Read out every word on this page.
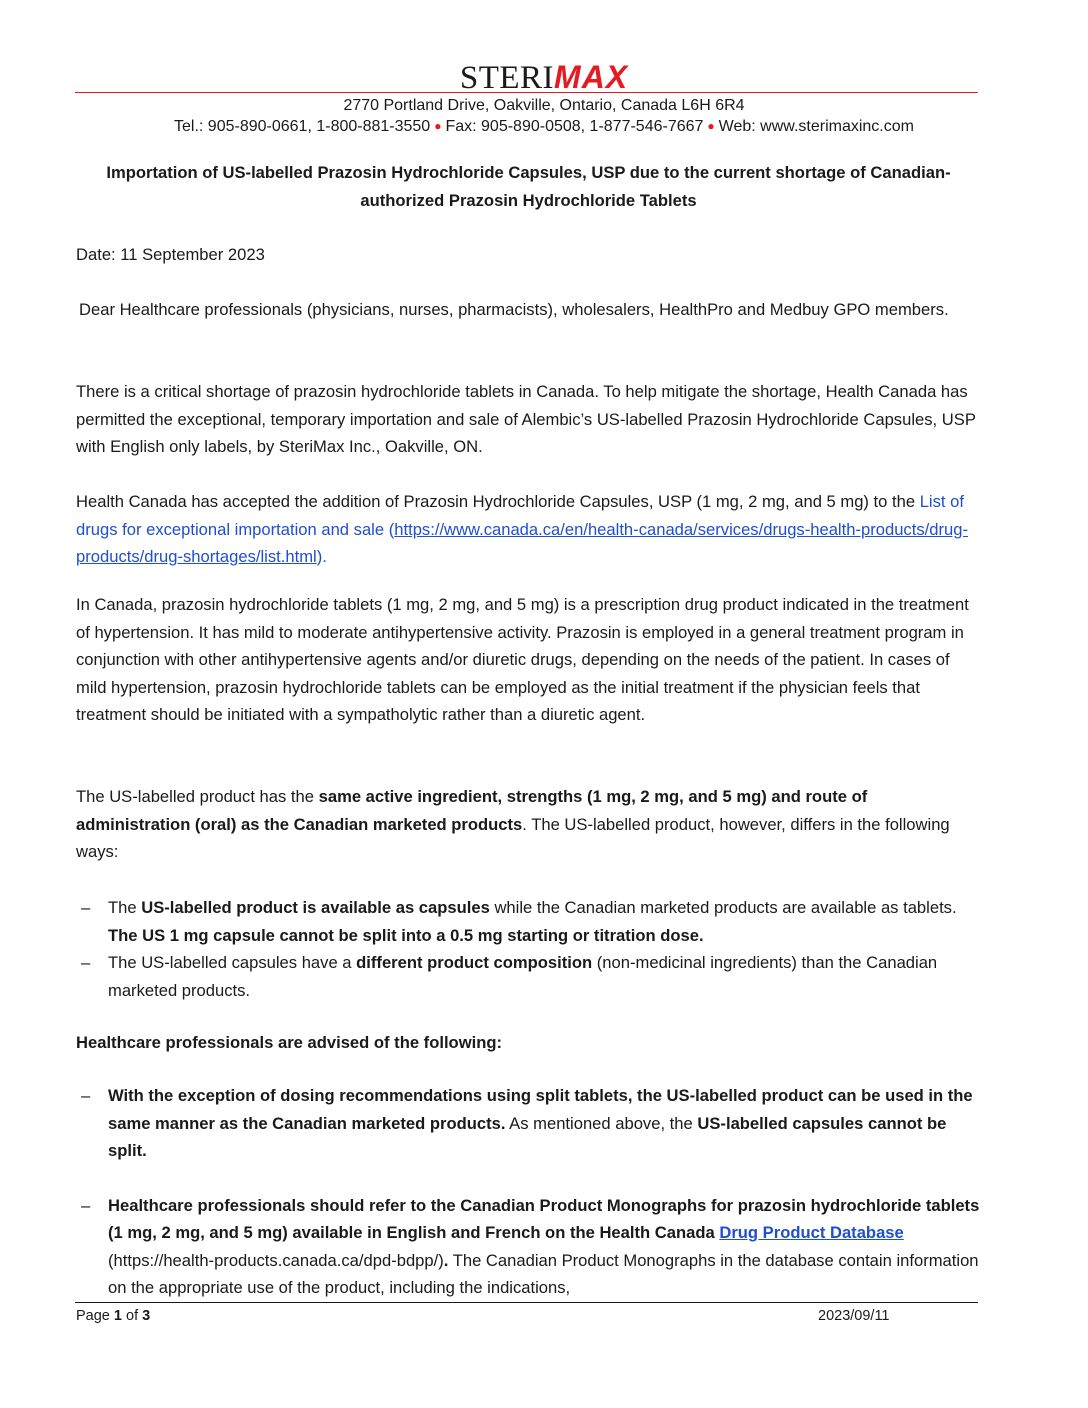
STERIMAX
2770 Portland Drive, Oakville, Ontario, Canada L6H 6R4
Tel.: 905-890-0661, 1-800-881-3550 ● Fax: 905-890-0508, 1-877-546-7667 ● Web: www.sterimaxinc.com
Importation of US-labelled Prazosin Hydrochloride Capsules, USP due to the current shortage of Canadian-authorized Prazosin Hydrochloride Tablets
Date: 11 September 2023
Dear Healthcare professionals (physicians, nurses, pharmacists), wholesalers, HealthPro and Medbuy GPO members.
There is a critical shortage of prazosin hydrochloride tablets in Canada. To help mitigate the shortage, Health Canada has permitted the exceptional, temporary importation and sale of Alembic’s US-labelled Prazosin Hydrochloride Capsules, USP with English only labels, by SteriMax Inc., Oakville, ON.
Health Canada has accepted the addition of Prazosin Hydrochloride Capsules, USP (1 mg, 2 mg, and 5 mg) to the List of drugs for exceptional importation and sale (https://www.canada.ca/en/health-canada/services/drugs-health-products/drug-products/drug-shortages/list.html).
In Canada, prazosin hydrochloride tablets (1 mg, 2 mg, and 5 mg) is a prescription drug product indicated in the treatment of hypertension. It has mild to moderate antihypertensive activity. Prazosin is employed in a general treatment program in conjunction with other antihypertensive agents and/or diuretic drugs, depending on the needs of the patient. In cases of mild hypertension, prazosin hydrochloride tablets can be employed as the initial treatment if the physician feels that treatment should be initiated with a sympatholytic rather than a diuretic agent.
The US-labelled product has the same active ingredient, strengths (1 mg, 2 mg, and 5 mg) and route of administration (oral) as the Canadian marketed products. The US-labelled product, however, differs in the following ways:
– The US-labelled product is available as capsules while the Canadian marketed products are available as tablets. The US 1 mg capsule cannot be split into a 0.5 mg starting or titration dose.
– The US-labelled capsules have a different product composition (non-medicinal ingredients) than the Canadian marketed products.
Healthcare professionals are advised of the following:
– With the exception of dosing recommendations using split tablets, the US-labelled product can be used in the same manner as the Canadian marketed products. As mentioned above, the US-labelled capsules cannot be split.
– Healthcare professionals should refer to the Canadian Product Monographs for prazosin hydrochloride tablets (1 mg, 2 mg, and 5 mg) available in English and French on the Health Canada Drug Product Database (https://health-products.canada.ca/dpd-bdpp/). The Canadian Product Monographs in the database contain information on the appropriate use of the product, including the indications,
Page 1 of 3	2023/09/11
